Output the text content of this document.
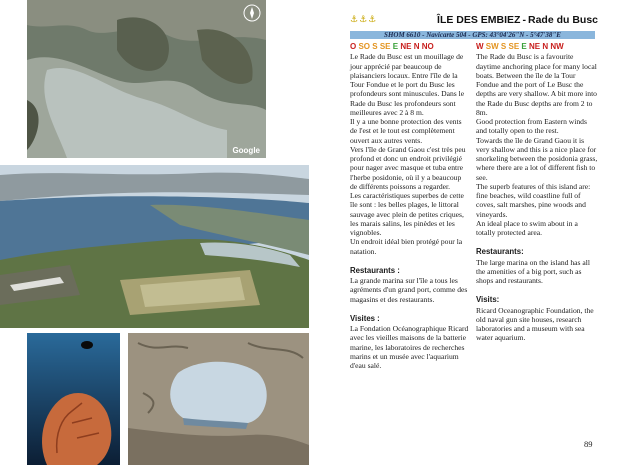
Google
⚓⚓⚓	ÎLE DES EMBIEZ - Rade du Busc
SHOM 6610 - Navicarte 504 - GPS: 43°04'26"N - 5°47'38"E
O SO S SE E NE N NO

Le Rade du Busc est un mouillage de jour apprécié par beaucoup de plaisanciers locaux. Entre l'île de la Tour Fondue et le port du Busc les profondeurs sont minuscules. Dans le Rade du Busc les profondeurs sont meilleures avec 2 à 8 m.

Il y a une bonne protection des vents de l'est et le tout est complètement ouvert aux autres vents.

Vers l'île de Grand Gaou c'est très peu profond et donc un endroit privilégié pour nager avec masque et tuba entre l'herbe posidonie, où il y a beaucoup de différents poissons a regarder.

Les caractéristiques superbes de cette île sont : les belles plages, le littoral sauvage avec plein de petites criques, les marais salins, les pinèdes et les vignobles.

Un endroit idéal bien protégé pour la natation.

Restaurants :

La grande marina sur l'île a tous les agréments d'un grand port, comme des magasins et des restaurants.

Visites :

La Fondation Océanographique Ricard avec les vieilles maisons de la batterie marine, les laboratoires de recherches marins et un musée avec l'aquarium d'eau salé.

W SW S SE E NE N NW

The Rade du Busc is a favourite daytime anchoring place for many local boats. Between the île de la Tour Fondue and the port of Le Busc the depths are very shallow. A bit more into the Rade du Busc depths are from 2 to 8m.

Good protection from Eastern winds and totally open to the rest.

Towards the île de Grand Gaou it is very shallow and this is a nice place for snorkeling between the posidonia grass, where there are a lot of different fish to see.

The superb features of this island are: fine beaches, wild coastline full of coves, salt marshes, pine woods and vineyards.

An ideal place to swim about in a totally protected area.

Restaurants:

The large marina on the island has all the amenities of a big port, such as shops and restaurants.

Visits:

Ricard Oceanographic Foundation, the old naval gun site houses, research laboratories and a museum with sea water aquarium.

89
